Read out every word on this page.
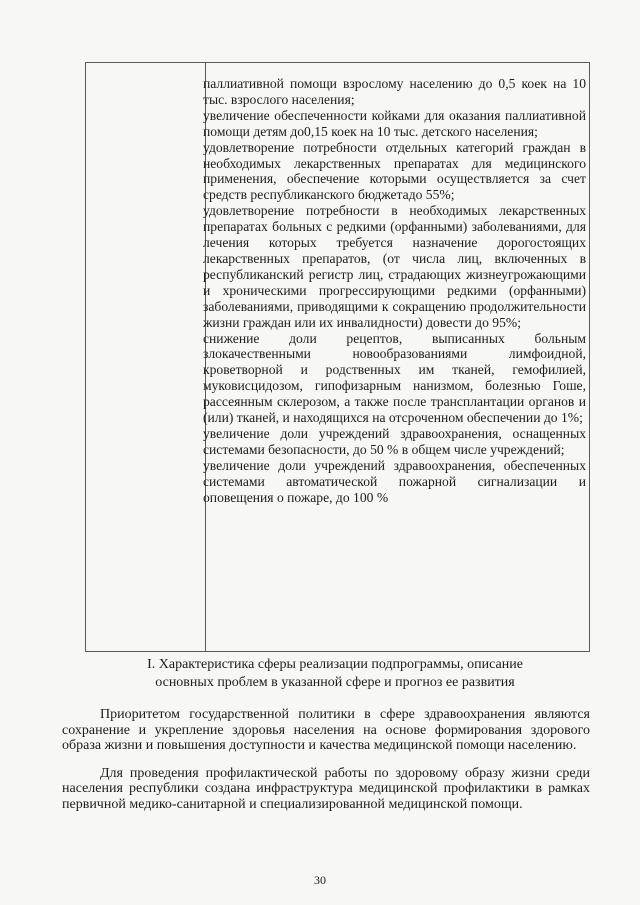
паллиативной помощи взрослому населению до 0,5 коек на 10 тыс. взрослого населения;

увеличение обеспеченности койками для оказания паллиативной помощи детям до0,15 коек на 10 тыс. детского населения;

удовлетворение потребности отдельных категорий граждан в необходимых лекарственных препаратах для медицинского применения, обеспечение которыми осуществляется за счет средств республиканского бюджетадо 55%;

удовлетворение потребности в необходимых лекарственных препаратах больных с редкими (орфанными) заболеваниями, для лечения которых требуется назначение дорогостоящих лекарственных препаратов, (от числа лиц, включенных в республиканский регистр лиц, страдающих жизнеугрожающими и хроническими прогрессирующими редкими (орфанными) заболеваниями, приводящими к сокращению продолжительности жизни граждан или их инвалидности) довести до 95%;

снижение доли рецептов, выписанных больным злокачественными новообразованиями лимфоидной, кроветворной и родственных им тканей, гемофилией, муковисцидозом, гипофизарным нанизмом, болезнью Гоше, рассеянным склерозом, а также после трансплантации органов и (или) тканей, и находящихся на отсроченном обеспечении до 1%;

увеличение доли учреждений здравоохранения, оснащенных системами безопасности, до 50 % в общем числе учреждений;

увеличение доли учреждений здравоохранения, обеспеченных системами автоматической пожарной сигнализации и оповещения о пожаре, до 100 %

I. Характеристика сферы реализации подпрограммы, описание
основных проблем в указанной сфере и прогноз ее развития

Приоритетом государственной политики в сфере здравоохранения являются сохранение и укрепление здоровья населения на основе формирования здорового образа жизни и повышения доступности и качества медицинской помощи населению.

Для проведения профилактической работы по здоровому образу жизни среди населения республики создана инфраструктура медицинской профилактики в рамках первичной медико-санитарной и специализированной медицинской помощи.

30
